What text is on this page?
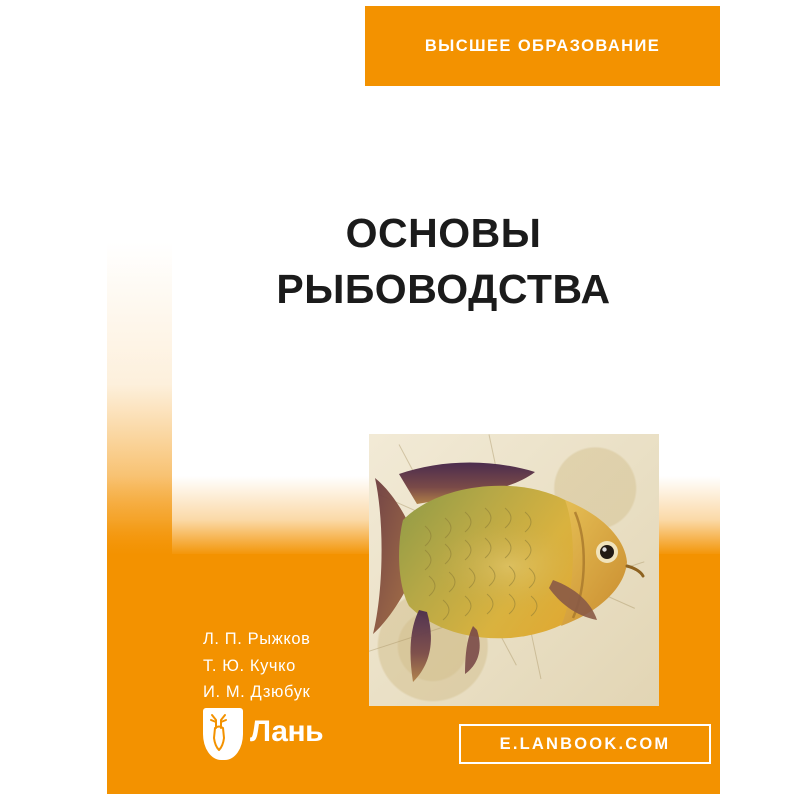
ВЫСШЕЕ ОБРАЗОВАНИЕ
ОСНОВЫ
РЫБОВОДСТВА
Л. П. Рыжков
Т. Ю. Кучко
И. М. Дзюбук
Лань	E.LANBOOK.COM
